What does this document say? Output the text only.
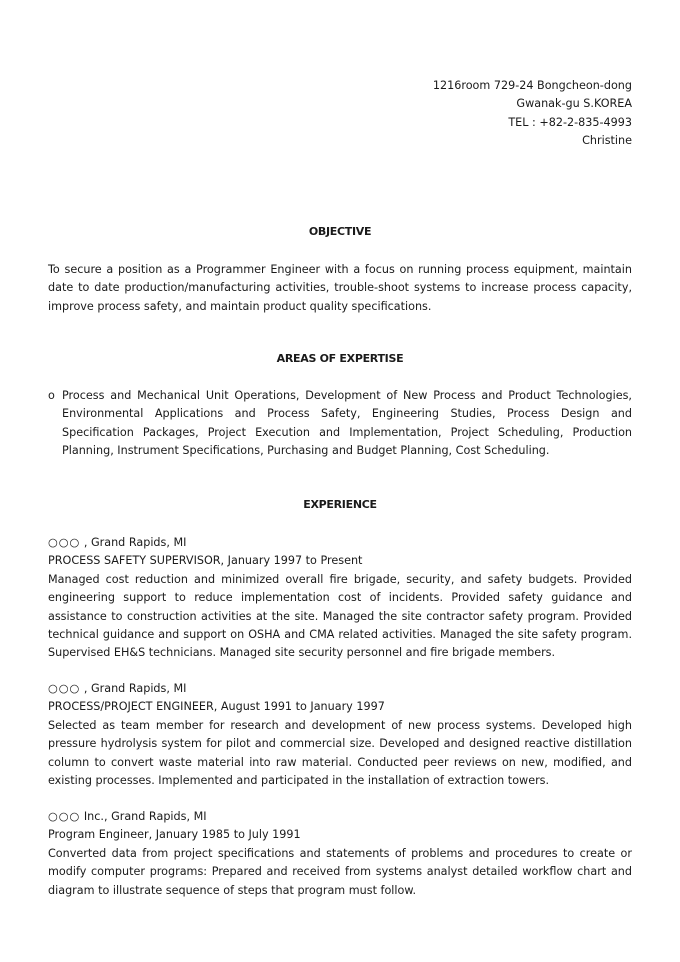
1216room 729-24 Bongcheon-dong
Gwanak-gu S.KOREA
TEL : +82-2-835-4993
Christine
OBJECTIVE
To secure a position as a Programmer Engineer with a focus on running process equipment, maintain date to date production/manufacturing activities, trouble-shoot systems to increase process capacity, improve process safety, and maintain product quality specifications.
AREAS OF EXPERTISE
o Process and Mechanical Unit Operations, Development of New Process and Product Technologies, Environmental Applications and Process Safety, Engineering Studies, Process Design and Specification Packages, Project Execution and Implementation, Project Scheduling, Production Planning, Instrument Specifications, Purchasing and Budget Planning, Cost Scheduling.
EXPERIENCE
○○○ , Grand Rapids, MI
PROCESS SAFETY SUPERVISOR, January 1997 to Present
Managed cost reduction and minimized overall fire brigade, security, and safety budgets. Provided engineering support to reduce implementation cost of incidents. Provided safety guidance and assistance to construction activities at the site. Managed the site contractor safety program. Provided technical guidance and support on OSHA and CMA related activities. Managed the site safety program. Supervised EH&S technicians. Managed site security personnel and fire brigade members.
○○○ , Grand Rapids, MI
PROCESS/PROJECT ENGINEER, August 1991 to January 1997
Selected as team member for research and development of new process systems. Developed high pressure hydrolysis system for pilot and commercial size. Developed and designed reactive distillation column to convert waste material into raw material. Conducted peer reviews on new, modified, and existing processes. Implemented and participated in the installation of extraction towers.
○○○ Inc., Grand Rapids, MI
Program Engineer, January 1985 to July 1991
Converted data from project specifications and statements of problems and procedures to create or modify computer programs: Prepared and received from systems analyst detailed workflow chart and diagram to illustrate sequence of steps that program must follow.
